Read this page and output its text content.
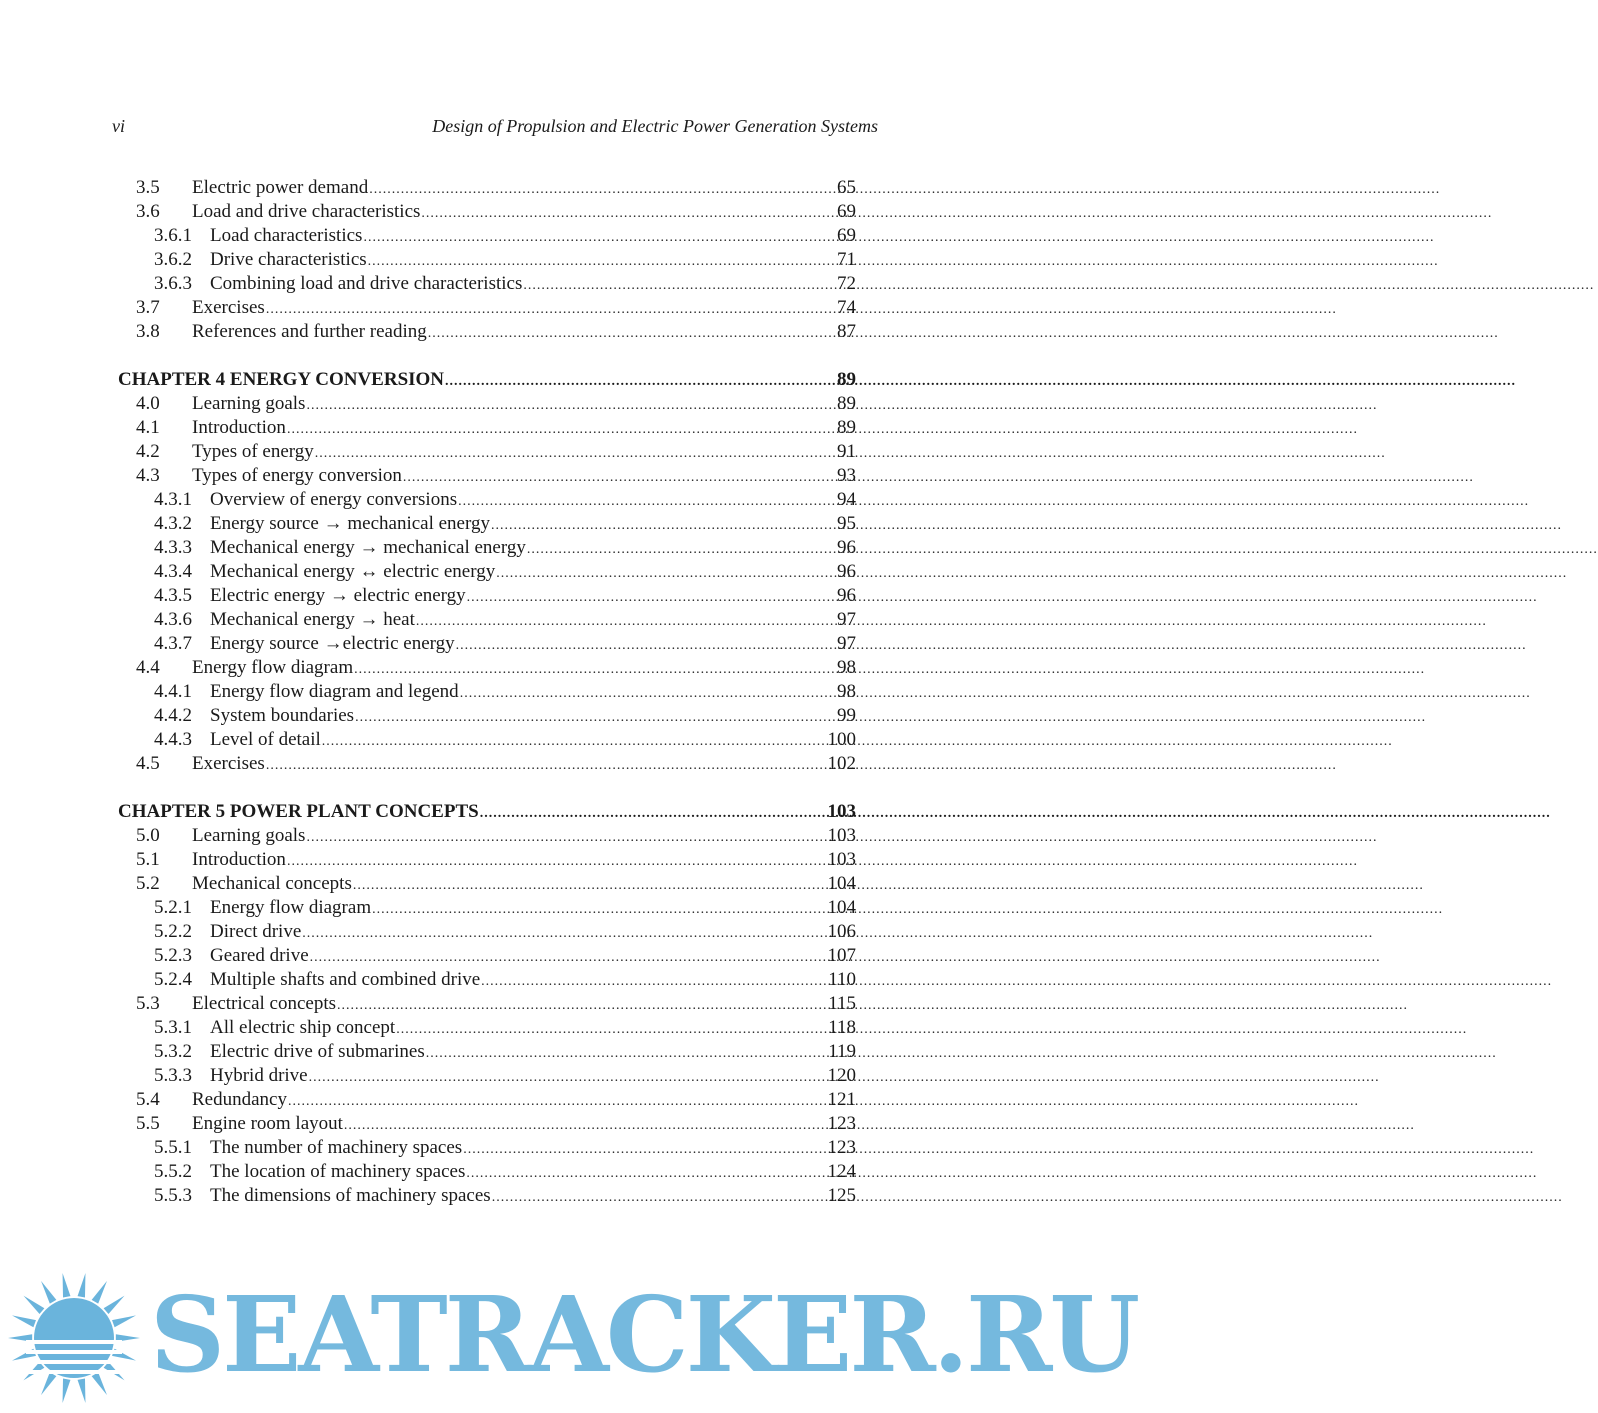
vi	Design of Propulsion and Electric Power Generation Systems
3.5	Electric power demand .....	65
3.6	Load and drive characteristics .....	69
3.6.1 Load characteristics .....	69
3.6.2 Drive characteristics .....	71
3.6.3 Combining load and drive characteristics .....	72
3.7	Exercises .....	74
3.8	References and further reading .....	87
CHAPTER 4 ENERGY CONVERSION .....	89
4.0	Learning goals .....	89
4.1	Introduction .....	89
4.2	Types of energy .....	91
4.3	Types of energy conversion .....	93
4.3.1 Overview of energy conversions .....	94
4.3.2 Energy source → mechanical energy .....	95
4.3.3 Mechanical energy → mechanical energy .....	96
4.3.4 Mechanical energy ↔ electric energy .....	96
4.3.5 Electric energy → electric energy .....	96
4.3.6 Mechanical energy → heat .....	97
4.3.7 Energy source →electric energy .....	97
4.4	Energy flow diagram .....	98
4.4.1 Energy flow diagram and legend .....	98
4.4.2 System boundaries .....	99
4.4.3 Level of detail .....	100
4.5	Exercises .....	102
CHAPTER 5 POWER PLANT CONCEPTS .....	103
5.0	Learning goals .....	103
5.1	Introduction .....	103
5.2	Mechanical concepts .....	104
5.2.1 Energy flow diagram .....	104
5.2.2 Direct drive .....	106
5.2.3 Geared drive .....	107
5.2.4 Multiple shafts and combined drive .....	110
5.3	Electrical concepts .....	115
5.3.1 All electric ship concept .....	118
5.3.2 Electric drive of submarines .....	119
5.3.3 Hybrid drive .....	120
5.4	Redundancy .....	121
5.5	Engine room layout .....	123
5.5.1 The number of machinery spaces .....	123
5.5.2 The location of machinery spaces .....	124
5.5.3 The dimensions of machinery spaces .....	125
SEATRACKER.RU
